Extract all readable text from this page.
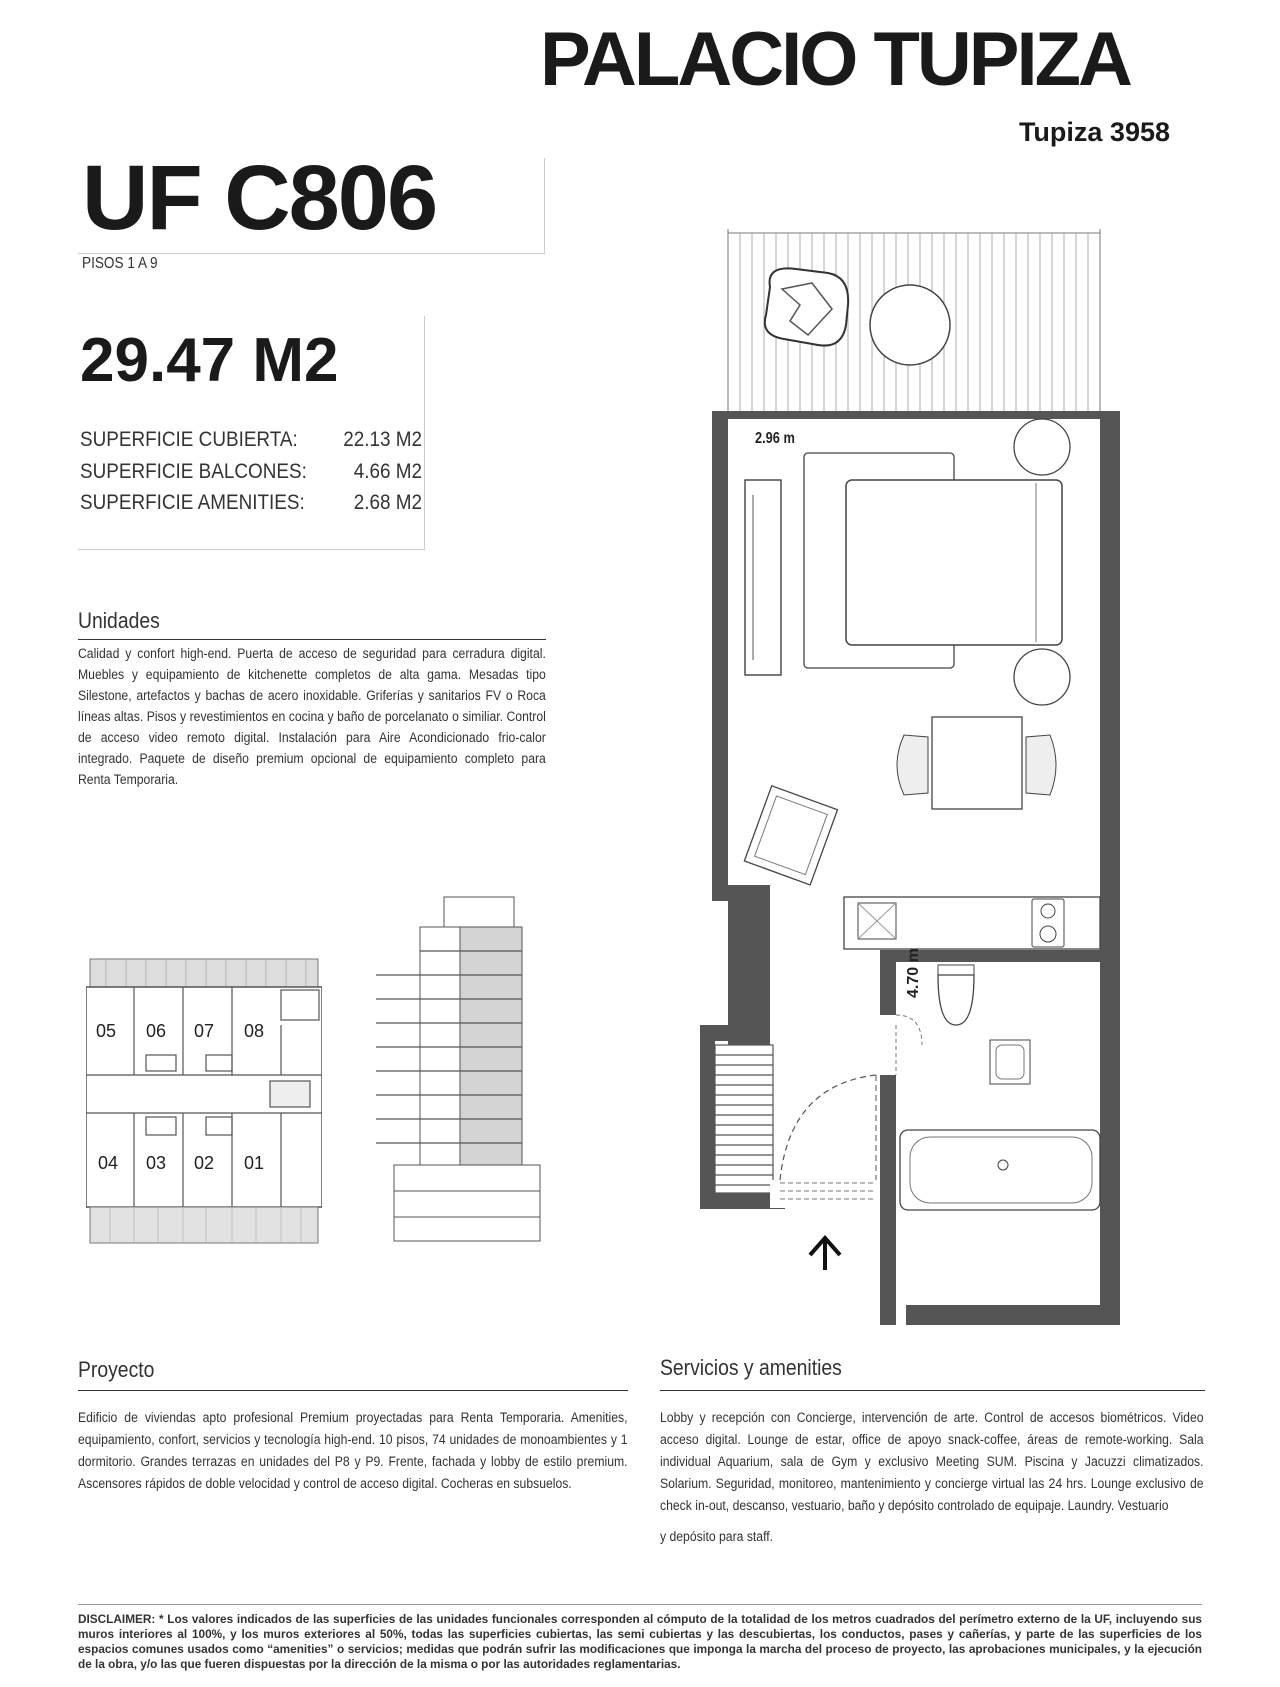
PALACIO TUPIZA
Tupiza 3958
UF C806
PISOS 1 A 9
29.47 M2
SUPERFICIE CUBIERTA: 22.13 M2
SUPERFICIE BALCONES: 4.66 M2
SUPERFICIE AMENITIES: 2.68 M2
Unidades
Calidad y confort high-end. Puerta de acceso de seguridad para cerradura digital. Muebles y equipamiento de kitchenette completos de alta gama. Mesadas tipo Silestone, artefactos y bachas de acero inoxidable. Griferías y sanitarios FV o Roca líneas altas. Pisos y revestimientos en cocina y baño de porcelanato o similiar. Control de acceso video remoto digital. Instalación para Aire Acondicionado frio-calor integrado. Paquete de diseño premium opcional de equipamiento completo para Renta Temporaria.
05 06 07 08
04 03 02 01
2.96 m
4.70 m
Proyecto
Edificio de viviendas apto profesional Premium proyectadas para Renta Temporaria. Amenities, equipamiento, confort, servicios y tecnología high-end. 10 pisos, 74 unidades de monoambientes y 1 dormitorio. Grandes terrazas en unidades del P8 y P9. Frente, fachada y lobby de estilo premium. Ascensores rápidos de doble velocidad y control de acceso digital. Cocheras en subsuelos.
Servicios y amenities
Lobby y recepción con Concierge, intervención de arte. Control de accesos biométricos. Video acceso digital. Lounge de estar, office de apoyo snack-coffee, áreas de remote-working. Sala individual Aquarium, sala de Gym y exclusivo Meeting SUM. Piscina y Jacuzzi climatizados. Solarium. Seguridad, monitoreo, mantenimiento y concierge virtual las 24 hrs. Lounge exclusivo de check in-out, descanso, vestuario, baño y depósito controlado de equipaje. Laundry. Vestuario
y depósito para staff.
DISCLAIMER: * Los valores indicados de las superficies de las unidades funcionales corresponden al cómputo de la totalidad de los metros cuadrados del perímetro externo de la UF, incluyendo sus muros interiores al 100%, y los muros exteriores al 50%, todas las superficies cubiertas, las semi cubiertas y las descubiertas, los conductos, pases y cañerías, y parte de las superficies de los espacios comunes usados como “amenities” o servicios; medidas que podrán sufrir las modificaciones que imponga la marcha del proceso de proyecto, las aprobaciones municipales, y la ejecución de la obra, y/o las que fueren dispuestas por la dirección de la misma o por las autoridades reglamentarias.
